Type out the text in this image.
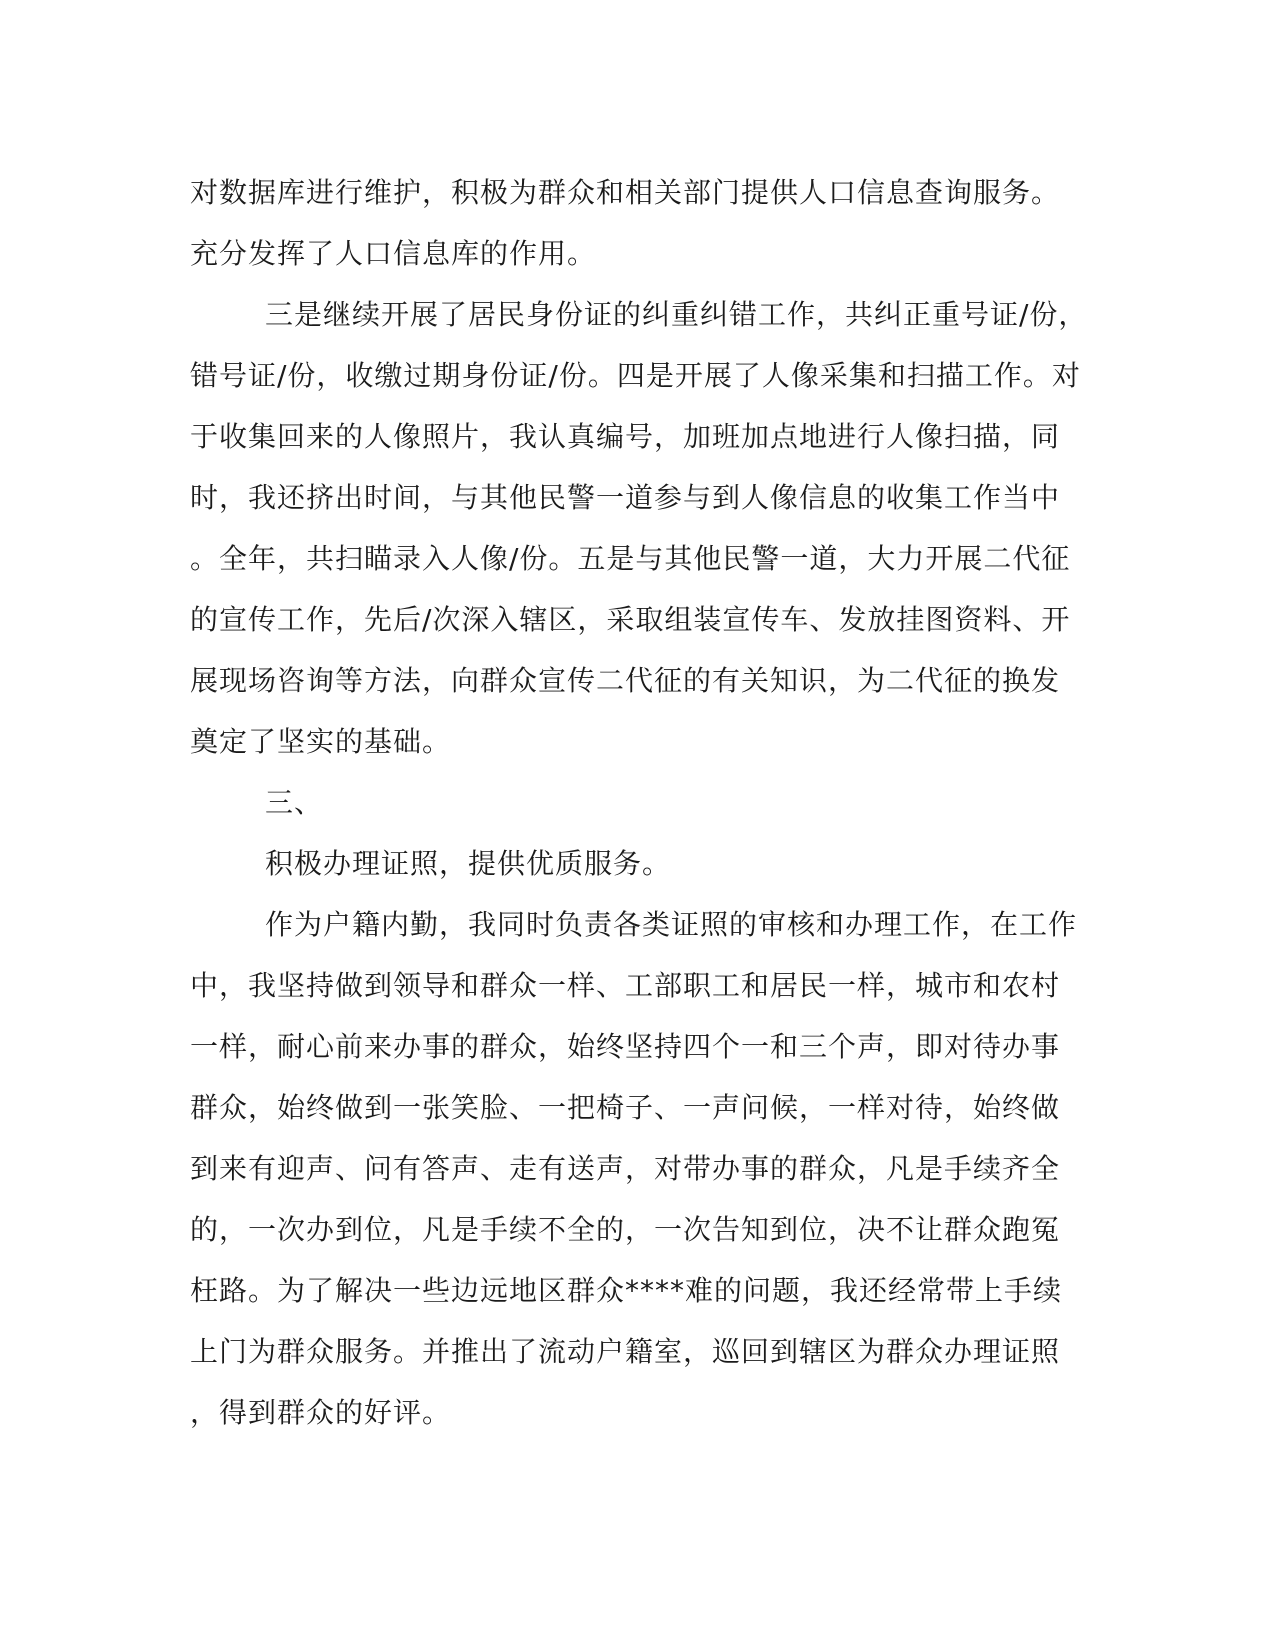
对数据库进行维护，积极为群众和相关部门提供人口信息查询服务。
充分发挥了人口信息库的作用。
三是继续开展了居民身份证的纠重纠错工作，共纠正重号证/份，
错号证/份，收缴过期身份证/份。四是开展了人像采集和扫描工作。对
于收集回来的人像照片，我认真编号，加班加点地进行人像扫描，同
时，我还挤出时间，与其他民警一道参与到人像信息的收集工作当中
。全年，共扫瞄录入人像/份。五是与其他民警一道，大力开展二代征
的宣传工作，先后/次深入辖区，采取组装宣传车、发放挂图资料、开
展现场咨询等方法，向群众宣传二代征的有关知识，为二代征的换发
奠定了坚实的基础。
三、
积极办理证照，提供优质服务。
作为户籍内勤，我同时负责各类证照的审核和办理工作，在工作
中，我坚持做到领导和群众一样、工部职工和居民一样，城市和农村
一样，耐心前来办事的群众，始终坚持四个一和三个声，即对待办事
群众，始终做到一张笑脸、一把椅子、一声问候，一样对待，始终做
到来有迎声、问有答声、走有送声，对带办事的群众，凡是手续齐全
的，一次办到位，凡是手续不全的，一次告知到位，决不让群众跑冤
枉路。为了解决一些边远地区群众****难的问题，我还经常带上手续
上门为群众服务。并推出了流动户籍室，巡回到辖区为群众办理证照
，得到群众的好评。
